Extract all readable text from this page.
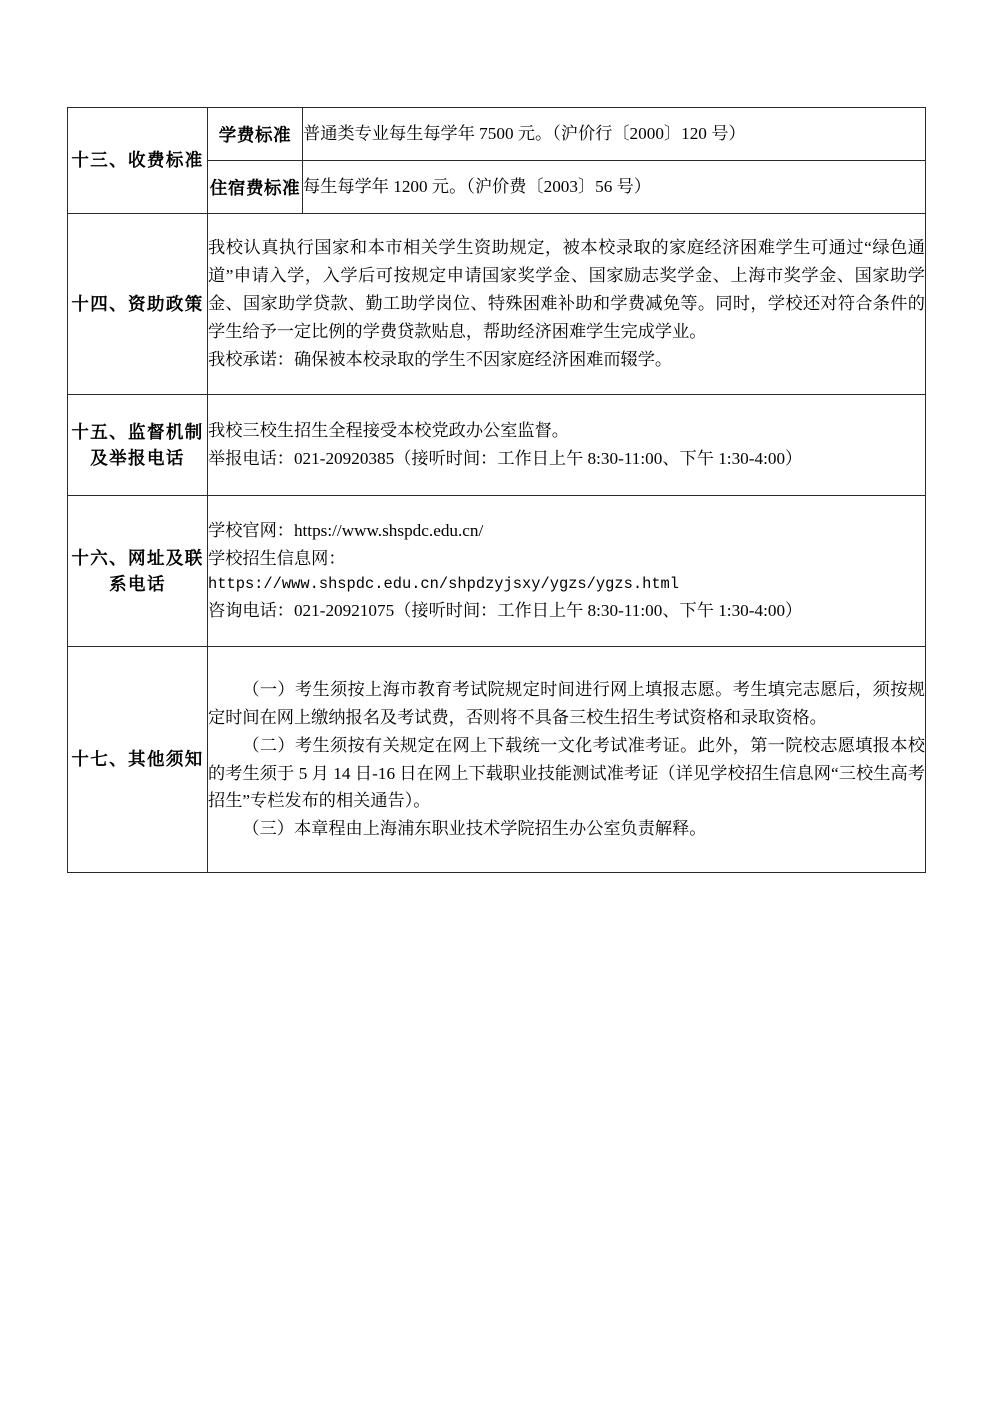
十三、收费标准	学费标准	普通类专业每生每学年 7500 元。（沪价行〔2000〕120 号）
	住宿费标准	每生每学年 1200 元。（沪价费〔2003〕56 号）
十四、资助政策	我校认真执行国家和本市相关学生资助规定，被本校录取的家庭经济困难学生可通过“绿色通道”申请入学，入学后可按规定申请国家奖学金、国家励志奖学金、上海市奖学金、国家助学金、国家助学贷款、勤工助学岗位、特殊困难补助和学费减免等。同时，学校还对符合条件的学生给予一定比例的学费贷款贴息，帮助经济困难学生完成学业。

我校承诺：确保被本校录取的学生不因家庭经济困难而辍学。	

十五、监督机制及举报电话	我校三校生招生全程接受本校党政办公室监督。

举报电话：021-20920385（接听时间：工作日上午 8:30-11:00、下午 1:30-4:00）	

十六、网址及联系电话	学校官网：https://www.shspdc.edu.cn/

学校招生信息网：

https://www.shspdc.edu.cn/shpdzyjsxy/ygzs/ygzs.html

咨询电话：021-20921075（接听时间：工作日上午 8:30-11:00、下午 1:30-4:00）	

十七、其他须知	（一）考生须按上海市教育考试院规定时间进行网上填报志愿。考生填完志愿后，须按规定时间在网上缴纳报名及考试费，否则将不具备三校生招生考试资格和录取资格。

（二）考生须按有关规定在网上下载统一文化考试准考证。此外，第一院校志愿填报本校的考生须于 5 月 14 日-16 日在网上下载职业技能测试准考证（详见学校招生信息网“三校生高考招生”专栏发布的相关通告）。

（三）本章程由上海浦东职业技术学院招生办公室负责解释。	
